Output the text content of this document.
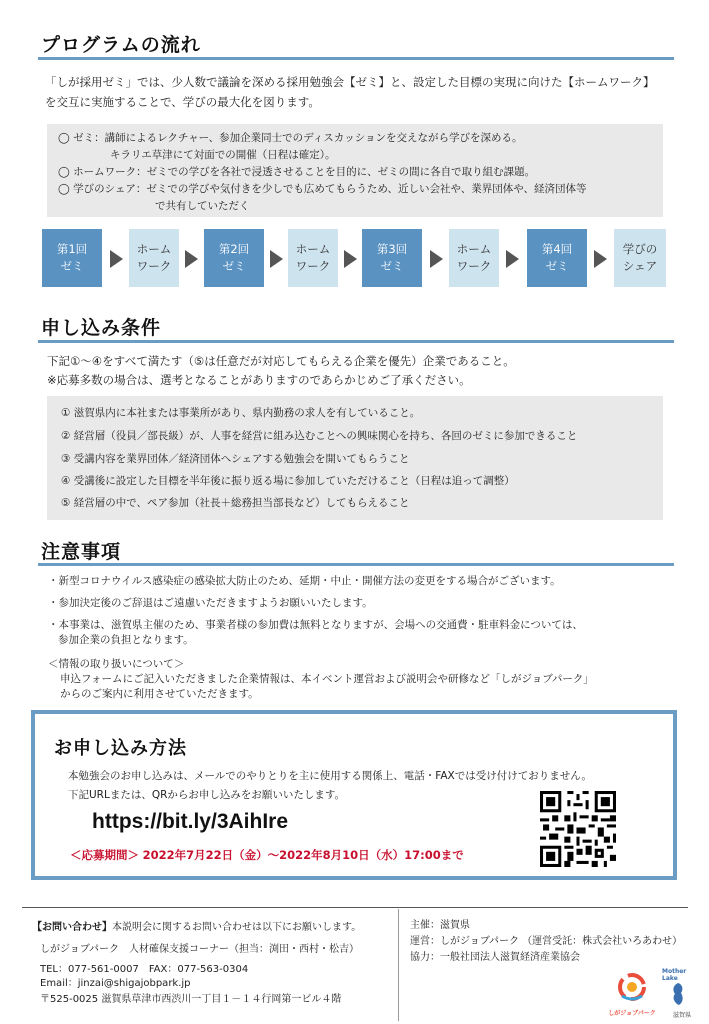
プログラムの流れ
「しが採用ゼミ」では、少人数で議論を深める採用勉強会【ゼミ】と、設定した目標の実現に向けた【ホームワーク】
を交互に実施することで、学びの最大化を図ります。
◯ ゼミ：講師によるレクチャー、参加企業同士でのディスカッションを交えながら学びを深める。
キラリエ草津にて対面での開催（日程は確定）。
◯ ホームワーク：ゼミでの学びを各社で浸透させることを目的に、ゼミの間に各自で取り組む課題。
◯ 学びのシェア：ゼミでの学びや気付きを少しでも広めてもらうため、近しい会社や、業界団体や、経済団体等
で共有していただく
第1回
ゼミ
ホーム
ワーク
第2回
ゼミ
ホーム
ワーク
第3回
ゼミ
ホーム
ワーク
第4回
ゼミ
学びの
シェア
申し込み条件
下記①～④をすべて満たす（⑤は任意だが対応してもらえる企業を優先）企業であること。
※応募多数の場合は、選考となることがありますのであらかじめご了承ください。
① 滋賀県内に本社または事業所があり、県内勤務の求人を有していること。
② 経営層（役員／部長級）が、人事を経営に組み込むことへの興味関心を持ち、各回のゼミに参加できること
③ 受講内容を業界団体／経済団体へシェアする勉強会を開いてもらうこと
④ 受講後に設定した目標を半年後に振り返る場に参加していただけること（日程は追って調整）
⑤ 経営層の中で、ペア参加（社長＋総務担当部長など）してもらえること
注意事項
・新型コロナウイルス感染症の感染拡大防止のため、延期・中止・開催方法の変更をする場合がございます。
・参加決定後のご辞退はご遠慮いただきますようお願いいたします。
・本事業は、滋賀県主催のため、事業者様の参加費は無料となりますが、会場への交通費・駐車料金については、
参加企業の負担となります。
＜情報の取り扱いについて＞
申込フォームにご記入いただきました企業情報は、本イベント運営および説明会や研修など「しがジョブパーク」
からのご案内に利用させていただきます。
お申し込み方法
本勉強会のお申し込みは、メールでのやりとりを主に使用する関係上、電話・FAXでは受け付けておりません。
下記URLまたは、QRからお申し込みをお願いいたします。
https://bit.ly/3AihIre
＜応募期間＞ 2022年7月22日（金）～2022年8月10日（水）17:00まで
【お問い合わせ】本説明会に関するお問い合わせは以下にお願いします。
しがジョブパーク　人材確保支援コーナー（担当：渕田・西村・松吉）
TEL：077-561-0007　FAX：077-563-0304
Email：jinzai@shigajobpark.jp
〒525-0025 滋賀県草津市西渋川一丁目１－１４行岡第一ビル４階
主催：滋賀県
運営：しがジョブパーク （運営受託：株式会社いろあわせ）
協力：一般社団法人滋賀経済産業協会
しがジョブパーク
Mother Lake
滋賀県
